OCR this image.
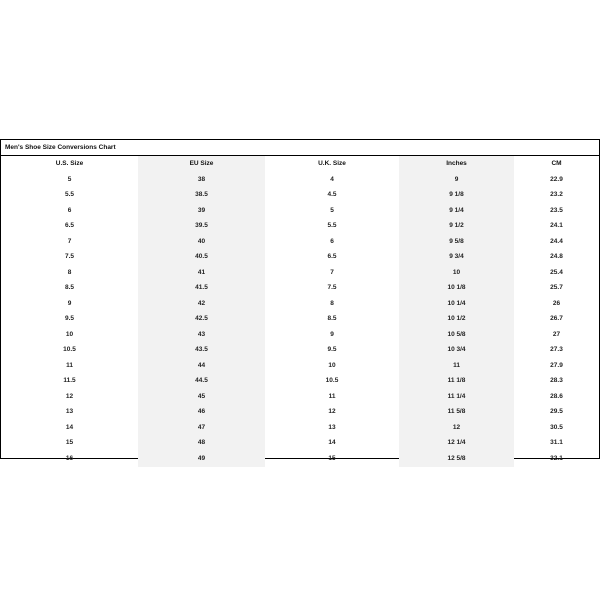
Men's Shoe Size Conversions Chart
U.S. Size	EU Size	U.K. Size	Inches	CM
5	38	4	9	22.9
5.5	38.5	4.5	9 1/8	23.2
6	39	5	9 1/4	23.5
6.5	39.5	5.5	9 1/2	24.1
7	40	6	9 5/8	24.4
7.5	40.5	6.5	9 3/4	24.8
8	41	7	10	25.4
8.5	41.5	7.5	10 1/8	25.7
9	42	8	10 1/4	26
9.5	42.5	8.5	10 1/2	26.7
10	43	9	10 5/8	27
10.5	43.5	9.5	10 3/4	27.3
11	44	10	11	27.9
11.5	44.5	10.5	11 1/8	28.3
12	45	11	11 1/4	28.6
13	46	12	11 5/8	29.5
14	47	13	12	30.5
15	48	14	12 1/4	31.1
16	49	15	12 5/8	32.1
